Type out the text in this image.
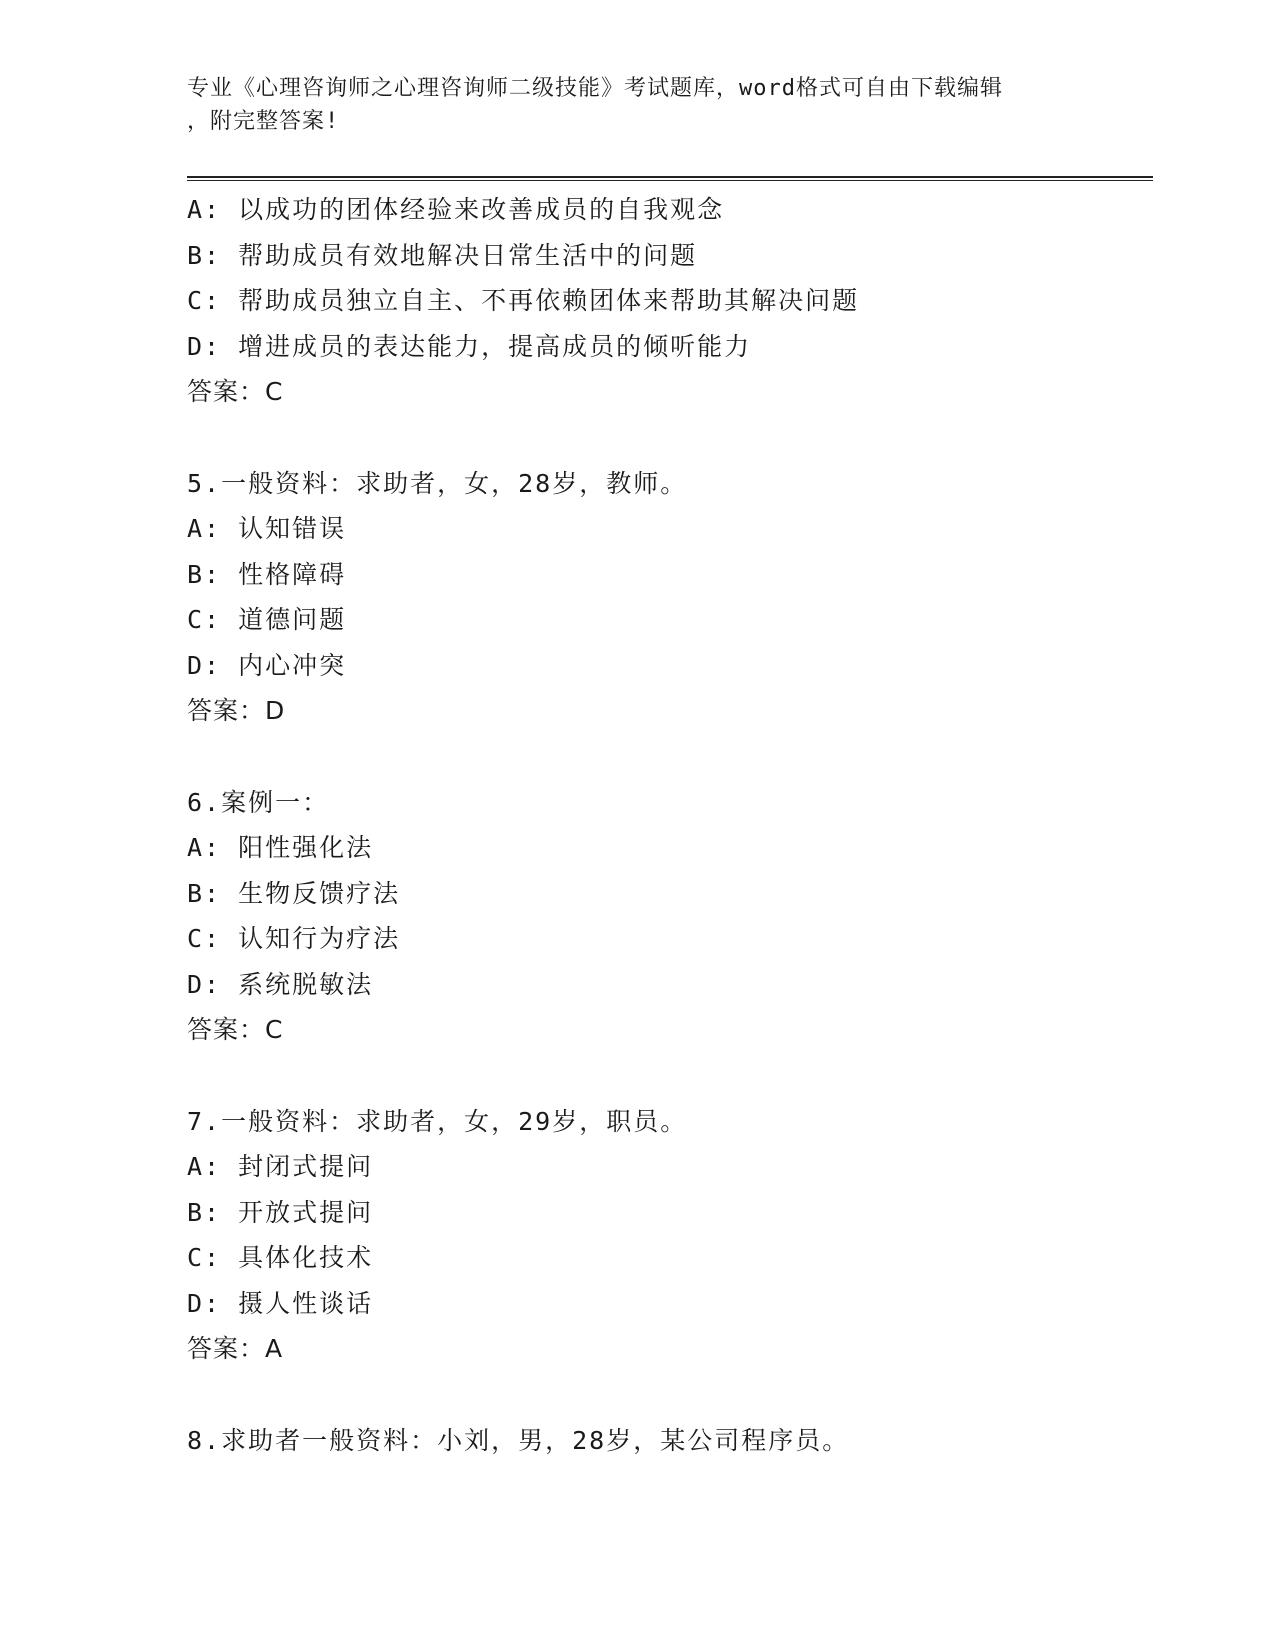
专业《心理咨询师之心理咨询师二级技能》考试题库，word格式可自由下载编辑
，附完整答案!
A: 以成功的团体经验来改善成员的自我观念
B: 帮助成员有效地解决日常生活中的问题
C: 帮助成员独立自主、不再依赖团体来帮助其解决问题
D: 增进成员的表达能力，提高成员的倾听能力
答案：C
5.一般资料：求助者，女，28岁，教师。
A: 认知错误
B: 性格障碍
C: 道德问题
D: 内心冲突
答案：D
6.案例一：
A: 阳性强化法
B: 生物反馈疗法
C: 认知行为疗法
D: 系统脱敏法
答案：C
7.一般资料：求助者，女，29岁，职员。
A: 封闭式提问
B: 开放式提问
C: 具体化技术
D: 摄人性谈话
答案：A
8.求助者一般资料：小刘，男，28岁，某公司程序员。
